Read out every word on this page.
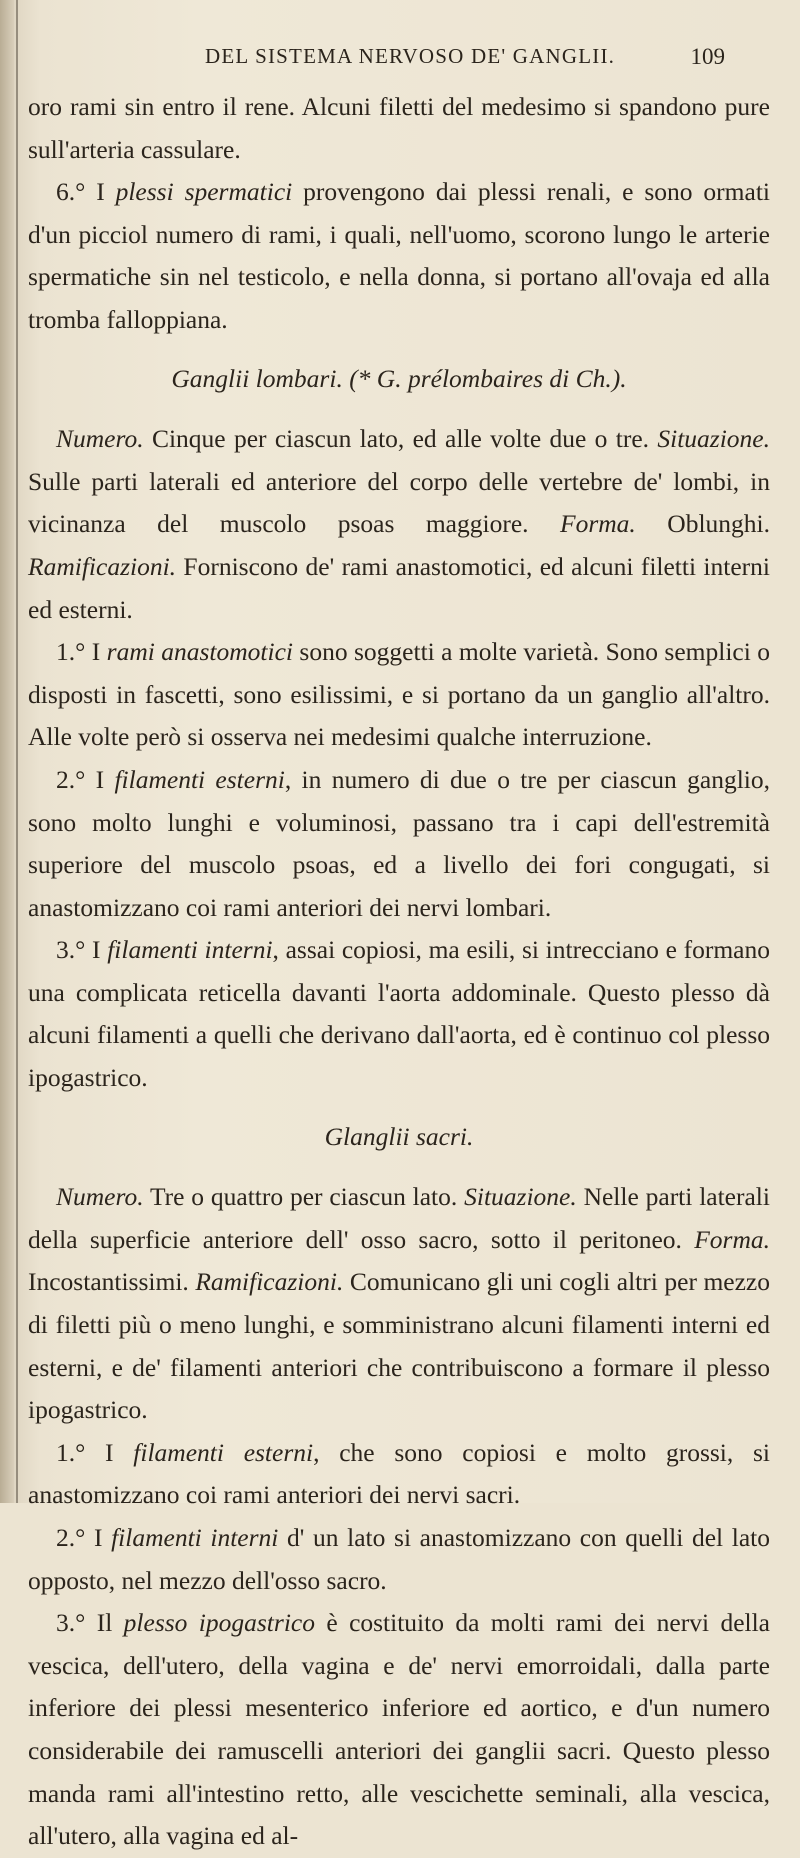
DEL SISTEMA NERVOSO DE' GANGLII.	109

oro rami sin entro il rene. Alcuni filetti del medesimo si spandono pure sull'arteria cassulare.

6.° I plessi spermatici provengono dai plessi renali, e sono ormati d'un picciol numero di rami, i quali, nell'uomo, scorono lungo le arterie spermatiche sin nel testicolo, e nella donna, si portano all'ovaja ed alla tromba falloppiana.

Ganglii lombari. (* G. prélombaires di Ch.).

Numero. Cinque per ciascun lato, ed alle volte due o tre. Situazione. Sulle parti laterali ed anteriore del corpo delle vertebre de' lombi, in vicinanza del muscolo psoas maggiore. Forma. Oblunghi. Ramificazioni. Forniscono de' rami anastomotici, ed alcuni filetti interni ed esterni.

1.° I rami anastomotici sono soggetti a molte varietà. Sono semplici o disposti in fascetti, sono esilissimi, e si portano da un ganglio all'altro. Alle volte però si osserva nei medesimi qualche interruzione.

2.° I filamenti esterni, in numero di due o tre per ciascun ganglio, sono molto lunghi e voluminosi, passano tra i capi dell'estremità superiore del muscolo psoas, ed a livello dei fori congugati, si anastomizzano coi rami anteriori dei nervi lombari.

3.° I filamenti interni, assai copiosi, ma esili, si intrecciano e formano una complicata reticella davanti l'aorta addominale. Questo plesso dà alcuni filamenti a quelli che derivano dall'aorta, ed è continuo col plesso ipogastrico.

Glanglii sacri.

Numero. Tre o quattro per ciascun lato. Situazione. Nelle parti laterali della superficie anteriore dell' osso sacro, sotto il peritoneo. Forma. Incostantissimi. Ramificazioni. Comunicano gli uni cogli altri per mezzo di filetti più o meno lunghi, e somministrano alcuni filamenti interni ed esterni, e de' filamenti anteriori che contribuiscono a formare il plesso ipogastrico.

1.° I filamenti esterni, che sono copiosi e molto grossi, si anastomizzano coi rami anteriori dei nervi sacri.

2.° I filamenti interni d' un lato si anastomizzano con quelli del lato opposto, nel mezzo dell'osso sacro.

3.° Il plesso ipogastrico è costituito da molti rami dei nervi della vescica, dell'utero, della vagina e de' nervi emorroidali, dalla parte inferiore dei plessi mesenterico inferiore ed aortico, e d'un numero considerabile dei ramuscelli anteriori dei ganglii sacri. Questo plesso manda rami all'intestino retto, alle vescichette seminali, alla vescica, all'utero, alla vagina ed al-
